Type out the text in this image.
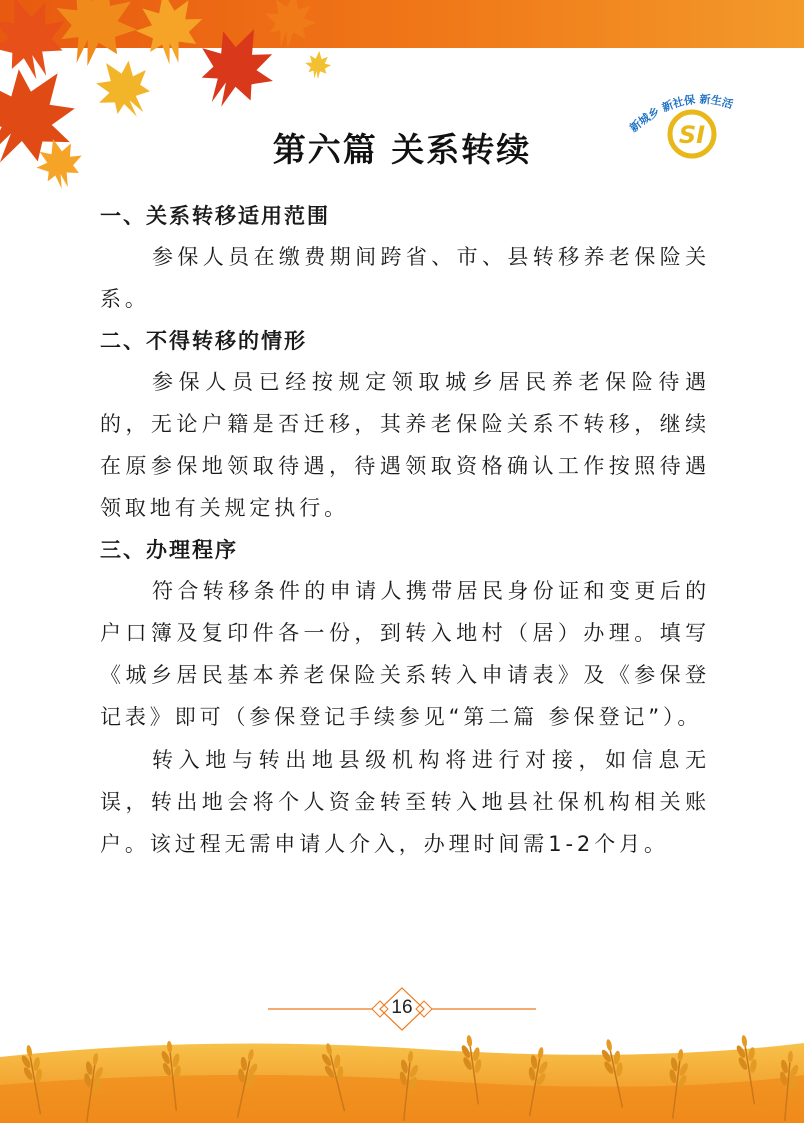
新城乡 新社保 新生活
SI
第六篇 关系转续
一、关系转移适用范围

参保人员在缴费期间跨省、市、县转移养老保险关系。

二、不得转移的情形

参保人员已经按规定领取城乡居民养老保险待遇的，无论户籍是否迁移，其养老保险关系不转移，继续在原参保地领取待遇，待遇领取资格确认工作按照待遇领取地有关规定执行。

三、办理程序

符合转移条件的申请人携带居民身份证和变更后的户口簿及复印件各一份，到转入地村（居）办理。填写《城乡居民基本养老保险关系转入申请表》及《参保登记表》即可（参保登记手续参见“第二篇 参保登记”）。

转入地与转出地县级机构将进行对接，如信息无误，转出地会将个人资金转至转入地县社保机构相关账户。该过程无需申请人介入，办理时间需1-2个月。

16
